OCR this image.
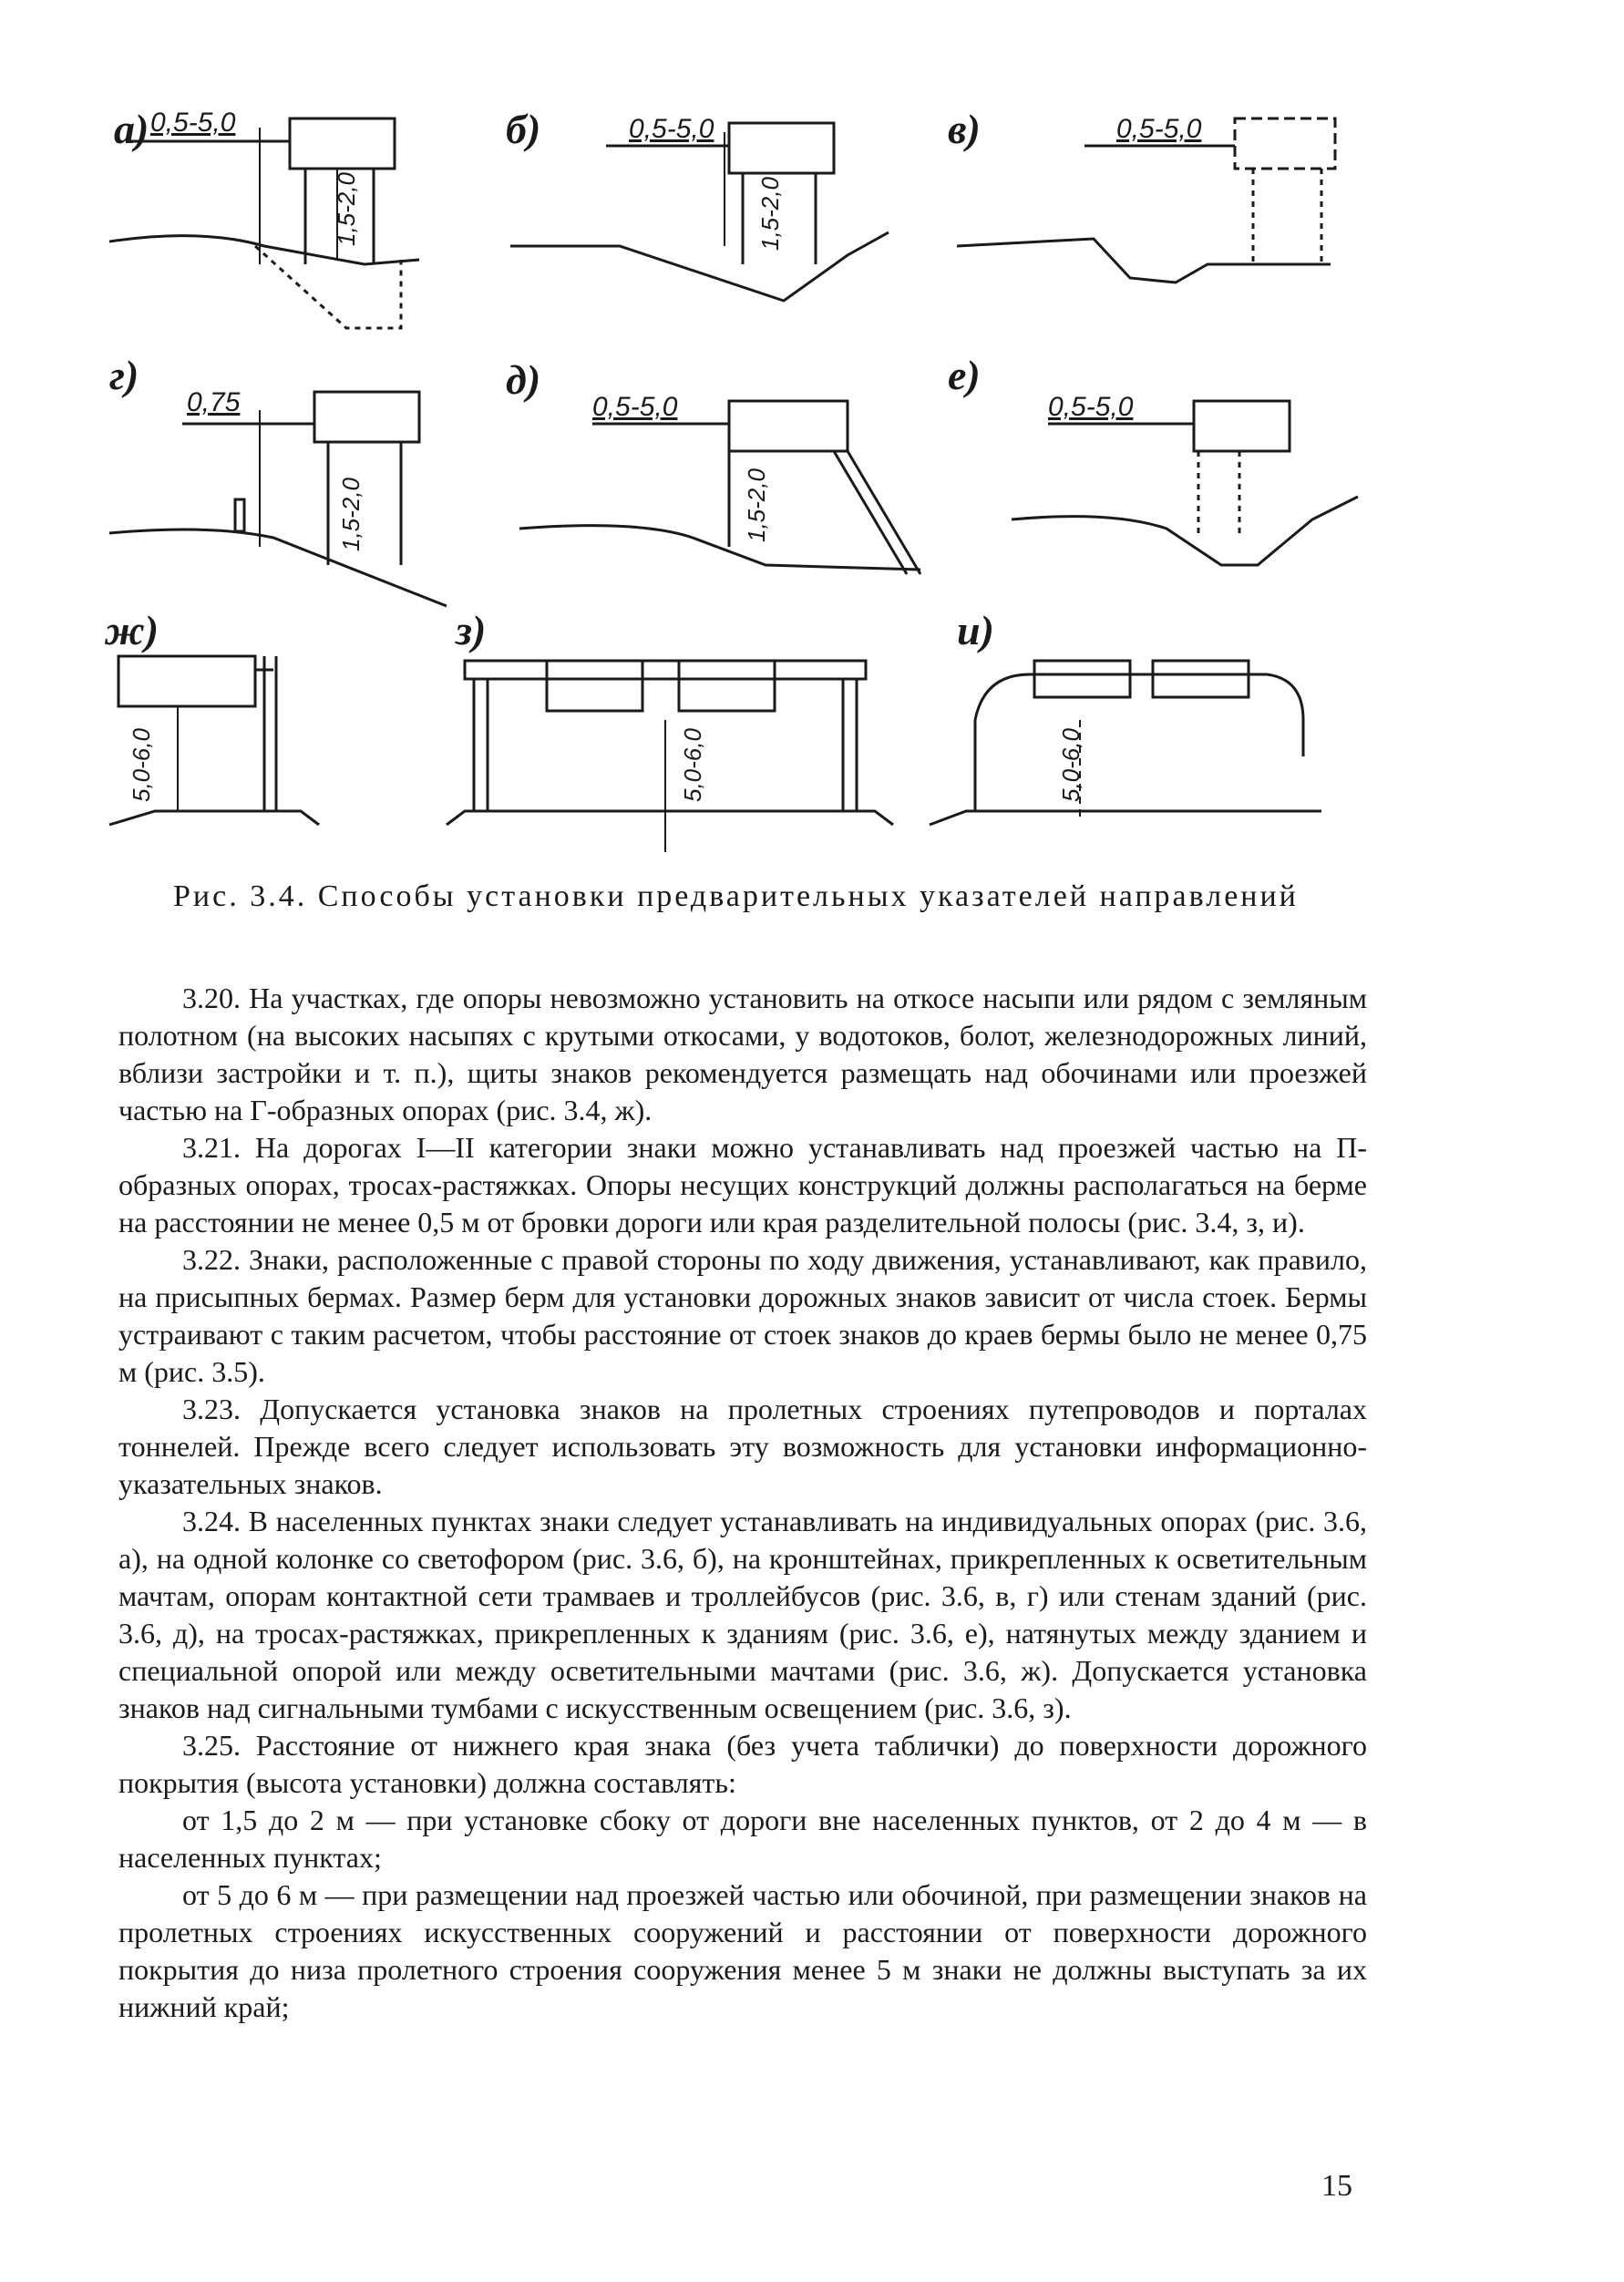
а)	б)	в)
г)	д)	е)
ж)	з)	и)
0,5-5,0	0,5-5,0	0,5-5,0
0,75	0,5-5,0	0,5-5,0
1,5-2,0	1,5-2,0
1,5-2,0	1,5-2,0
5,0-6,0	5,0-6,0	5,0-6,0
Рис. 3.4. Способы установки предварительных указателей направлений

3.20. На участках, где опоры невозможно установить на откосе насыпи или рядом с земляным полотном (на высоких насыпях с крутыми откосами, у водотоков, болот, железнодорожных линий, вблизи застройки и т. п.), щиты знаков рекомендуется размещать над обочинами или проезжей частью на Г-образных опорах (рис. 3.4, ж).

3.21. На дорогах I—II категории знаки можно устанавливать над проезжей частью на П-образных опорах, тросах-растяжках. Опоры несущих конструкций должны располагаться на берме на расстоянии не менее 0,5 м от бровки дороги или края разделительной полосы (рис. 3.4, з, и).

3.22. Знаки, расположенные с правой стороны по ходу движения, устанавливают, как правило, на присыпных бермах. Размер берм для установки дорожных знаков зависит от числа стоек. Бермы устраивают с таким расчетом, чтобы расстояние от стоек знаков до краев бермы было не менее 0,75 м (рис. 3.5).

3.23. Допускается установка знаков на пролетных строениях путепроводов и порталах тоннелей. Прежде всего следует использовать эту возможность для установки информационно-указательных знаков.

3.24. В населенных пунктах знаки следует устанавливать на индивидуальных опорах (рис. 3.6, а), на одной колонке со светофором (рис. 3.6, б), на кронштейнах, прикрепленных к осветительным мачтам, опорам контактной сети трамваев и троллейбусов (рис. 3.6, в, г) или стенам зданий (рис. 3.6, д), на тросах-растяжках, прикрепленных к зданиям (рис. 3.6, е), натянутых между зданием и специальной опорой или между осветительными мачтами (рис. 3.6, ж). Допускается установка знаков над сигнальными тумбами с искусственным освещением (рис. 3.6, з).

3.25. Расстояние от нижнего края знака (без учета таблички) до поверхности дорожного покрытия (высота установки) должна составлять:

от 1,5 до 2 м — при установке сбоку от дороги вне населенных пунктов, от 2 до 4 м — в населенных пунктах;

от 5 до 6 м — при размещении над проезжей частью или обочиной, при размещении знаков на пролетных строениях искусственных сооружений и расстоянии от поверхности дорожного покрытия до низа пролетного строения сооружения менее 5 м знаки не должны выступать за их нижний край;

15
